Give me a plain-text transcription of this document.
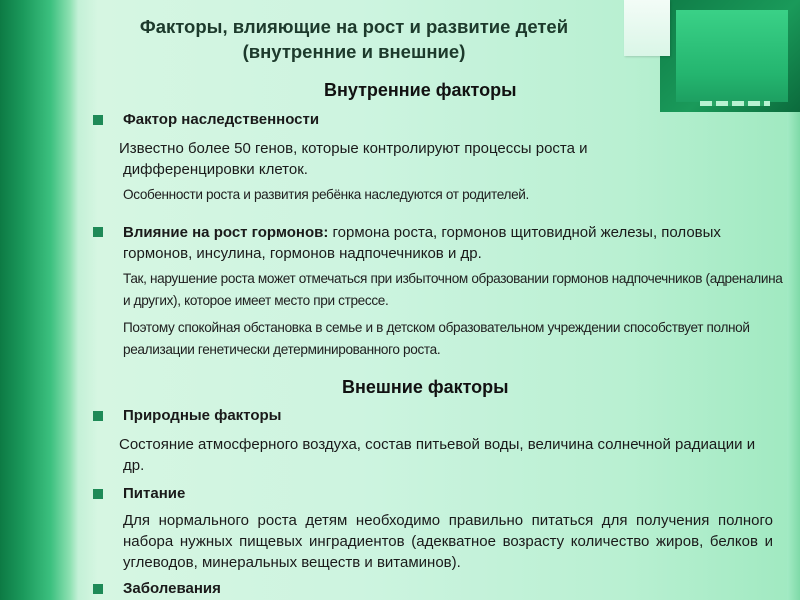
Факторы, влияющие на рост и развитие детей
(внутренние и внешние)
Внутренние факторы

Фактор наследственности

Известно более 50 генов, которые контролируют процессы роста и дифференцировки клеток.

Особенности роста и развития ребёнка наследуются от родителей.

Влияние на рост гормонов: гормона роста, гормонов щитовидной железы, половых гормонов, инсулина, гормонов надпочечников и др.

Так, нарушение роста может отмечаться при избыточном образовании гормонов надпочечников (адреналина и других), которое имеет место при стрессе.

Поэтому спокойная обстановка в семье и в детском образовательном учреждении способствует полной реализации генетически детерминированного роста.

Внешние факторы

Природные факторы

Состояние атмосферного воздуха, состав питьевой воды, величина солнечной радиации и др.

Питание

Для нормального роста детям необходимо правильно питаться для получения полного набора нужных пищевых ингрaдиентов (адекватное возрасту количество жиров, белков и углеводов, минеральных веществ и витаминов).

Заболевания
